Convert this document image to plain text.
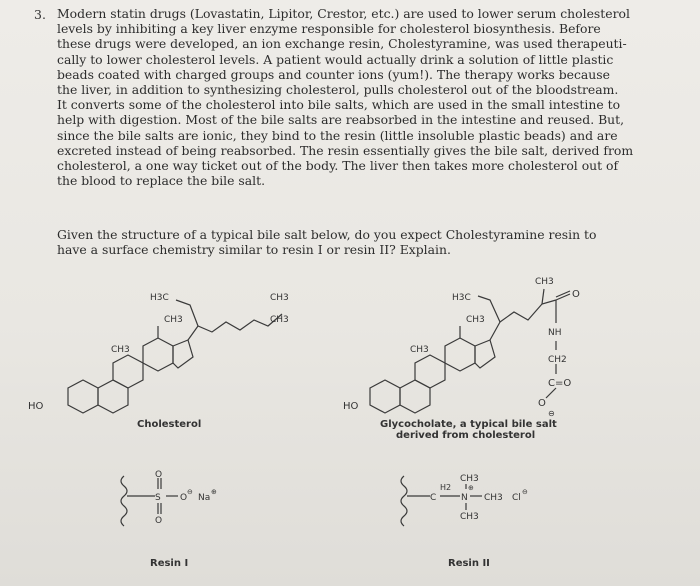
3. Modern statin drugs (Lovastatin, Lipitor, Crestor, etc.) are used to lower serum cholesterol
levels by inhibiting a key liver enzyme responsible for cholesterol biosynthesis. Before
these drugs were developed, an ion exchange resin, Cholestyramine, was used therapeuti-
cally to lower cholesterol levels. A patient would actually drink a solution of little plastic
beads coated with charged groups and counter ions (yum!). The therapy works because
the liver, in addition to synthesizing cholesterol, pulls cholesterol out of the bloodstream.
It converts some of the cholesterol into bile salts, which are used in the small intestine to
help with digestion. Most of the bile salts are reabsorbed in the intestine and reused. But,
since the bile salts are ionic, they bind to the resin (little insoluble plastic beads) and are
excreted instead of being reabsorbed. The resin essentially gives the bile salt, derived from
cholesterol, a one way ticket out of the body. The liver then takes more cholesterol out of
the blood to replace the bile salt.
Given the structure of a typical bile salt below, do you expect Cholestyramine resin to
have a surface chemistry similar to resin I or resin II? Explain.
HO
CH3
H3C
CH3
CH3
CH3
Cholesterol
HO
CH3
H3C
CH3
CH3
O
NH
CH2
C=O
O
⊖
Glycocholate, a typical bile salt
derived from cholesterol
O
S
O
O
⊖
Na
⊕
Resin I
CH3
H2
C	N
⊕
CH3 Cl
⊖
CH3
Resin II
